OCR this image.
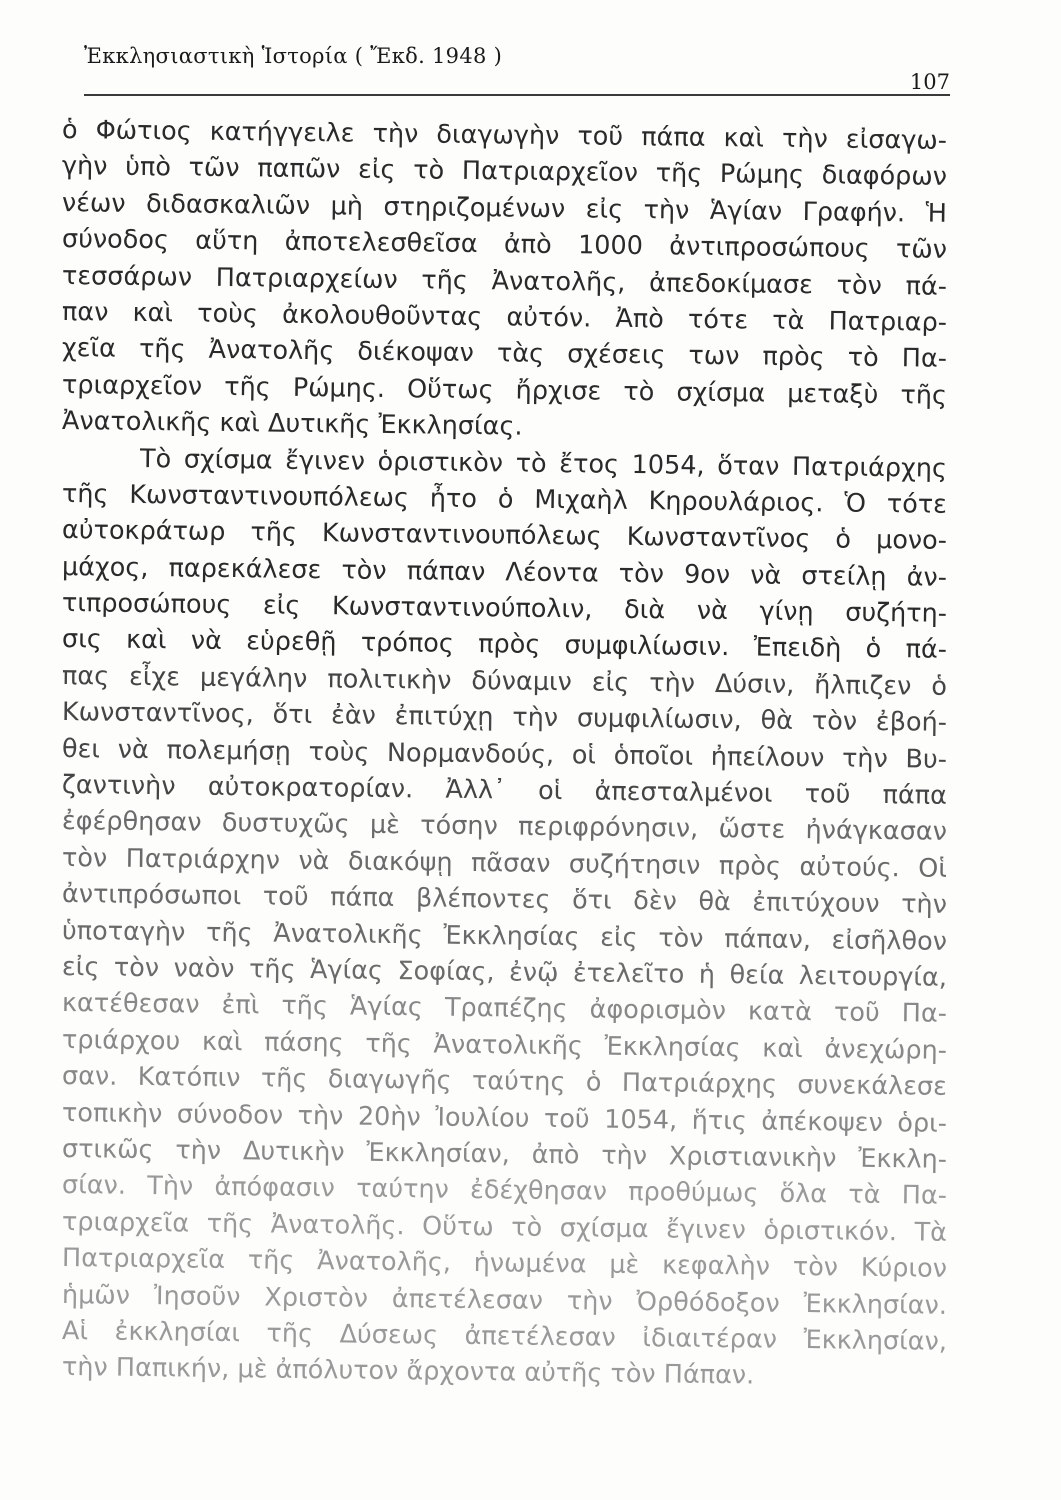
Ἐκκλησιαστικὴ Ἱστορία ( Ἔκδ. 1948 )
107
ὁ Φώτιος κατήγγειλε τὴν διαγωγὴν τοῦ πάπα καὶ τὴν εἰσαγω-
γὴν ὑπὸ τῶν παπῶν εἰς τὸ Πατριαρχεῖον τῆς Ρώμης διαφόρων
νέων διδασκαλιῶν μὴ στηριζομένων εἰς τὴν Ἁγίαν Γραφήν. Ἡ
σύνοδος αὕτη ἀποτελεσθεῖσα ἀπὸ 1000 ἀντιπροσώπους τῶν
τεσσάρων Πατριαρχείων τῆς Ἀνατολῆς, ἀπεδοκίμασε τὸν πά-
παν καὶ τοὺς ἀκολουθοῦντας αὐτόν. Ἀπὸ τότε τὰ Πατριαρ-
χεῖα τῆς Ἀνατολῆς διέκοψαν τὰς σχέσεις των πρὸς τὸ Πα-
τριαρχεῖον τῆς Ρώμης. Οὕτως ἤρχισε τὸ σχίσμα μεταξὺ τῆς
Ἀνατολικῆς καὶ Δυτικῆς Ἐκκλησίας.
Τὸ σχίσμα ἔγινεν ὁριστικὸν τὸ ἔτος 1054, ὅταν Πατριάρχης
τῆς Κωνσταντινουπόλεως ἦτο ὁ Μιχαὴλ Κηρουλάριος. Ὁ τότε
αὐτοκράτωρ τῆς Κωνσταντινουπόλεως Κωνσταντῖνος ὁ μονο-
μάχος, παρεκάλεσε τὸν πάπαν Λέοντα τὸν 9ον νὰ στείλῃ ἀν-
τιπροσώπους εἰς Κωνσταντινούπολιν, διὰ νὰ γίνῃ συζήτη-
σις καὶ νὰ εὑρεθῇ τρόπος πρὸς συμφιλίωσιν. Ἐπειδὴ ὁ πά-
πας εἶχε μεγάλην πολιτικὴν δύναμιν εἰς τὴν Δύσιν, ἤλπιζεν ὁ
Κωνσταντῖνος, ὅτι ἐὰν ἐπιτύχῃ τὴν συμφιλίωσιν, θὰ τὸν ἐβοή-
θει νὰ πολεμήσῃ τοὺς Νορμανδούς, οἱ ὁποῖοι ἠπείλουν τὴν Βυ-
ζαντινὴν αὐτοκρατορίαν. Ἀλλ᾽ οἱ ἀπεσταλμένοι τοῦ πάπα
ἐφέρθησαν δυστυχῶς μὲ τόσην περιφρόνησιν, ὥστε ἠνάγκασαν
τὸν Πατριάρχην νὰ διακόψῃ πᾶσαν συζήτησιν πρὸς αὐτούς. Οἱ
ἀντιπρόσωποι τοῦ πάπα βλέποντες ὅτι δὲν θὰ ἐπιτύχουν τὴν
ὑποταγὴν τῆς Ἀνατολικῆς Ἐκκλησίας εἰς τὸν πάπαν, εἰσῆλθον
εἰς τὸν ναὸν τῆς Ἁγίας Σοφίας, ἐνῷ ἐτελεῖτο ἡ θεία λειτουργία,
κατέθεσαν ἐπὶ τῆς Ἁγίας Τραπέζης ἀφορισμὸν κατὰ τοῦ Πα-
τριάρχου καὶ πάσης τῆς Ἀνατολικῆς Ἐκκλησίας καὶ ἀνεχώρη-
σαν. Κατόπιν τῆς διαγωγῆς ταύτης ὁ Πατριάρχης συνεκάλεσε
τοπικὴν σύνοδον τὴν 20ὴν Ἰουλίου τοῦ 1054, ἥτις ἀπέκοψεν ὁρι-
στικῶς τὴν Δυτικὴν Ἐκκλησίαν, ἀπὸ τὴν Χριστιανικὴν Ἐκκλη-
σίαν. Τὴν ἀπόφασιν ταύτην ἐδέχθησαν προθύμως ὅλα τὰ Πα-
τριαρχεῖα τῆς Ἀνατολῆς. Οὕτω τὸ σχίσμα ἔγινεν ὁριστικόν. Τὰ
Πατριαρχεῖα τῆς Ἀνατολῆς, ἡνωμένα μὲ κεφαλὴν τὸν Κύριον
ἡμῶν Ἰησοῦν Χριστὸν ἀπετέλεσαν τὴν Ὀρθόδοξον Ἐκκλησίαν.
Αἱ ἐκκλησίαι τῆς Δύσεως ἀπετέλεσαν ἰδιαιτέραν Ἐκκλησίαν,
τὴν Παπικήν, μὲ ἀπόλυτον ἄρχοντα αὐτῆς τὸν Πάπαν.
